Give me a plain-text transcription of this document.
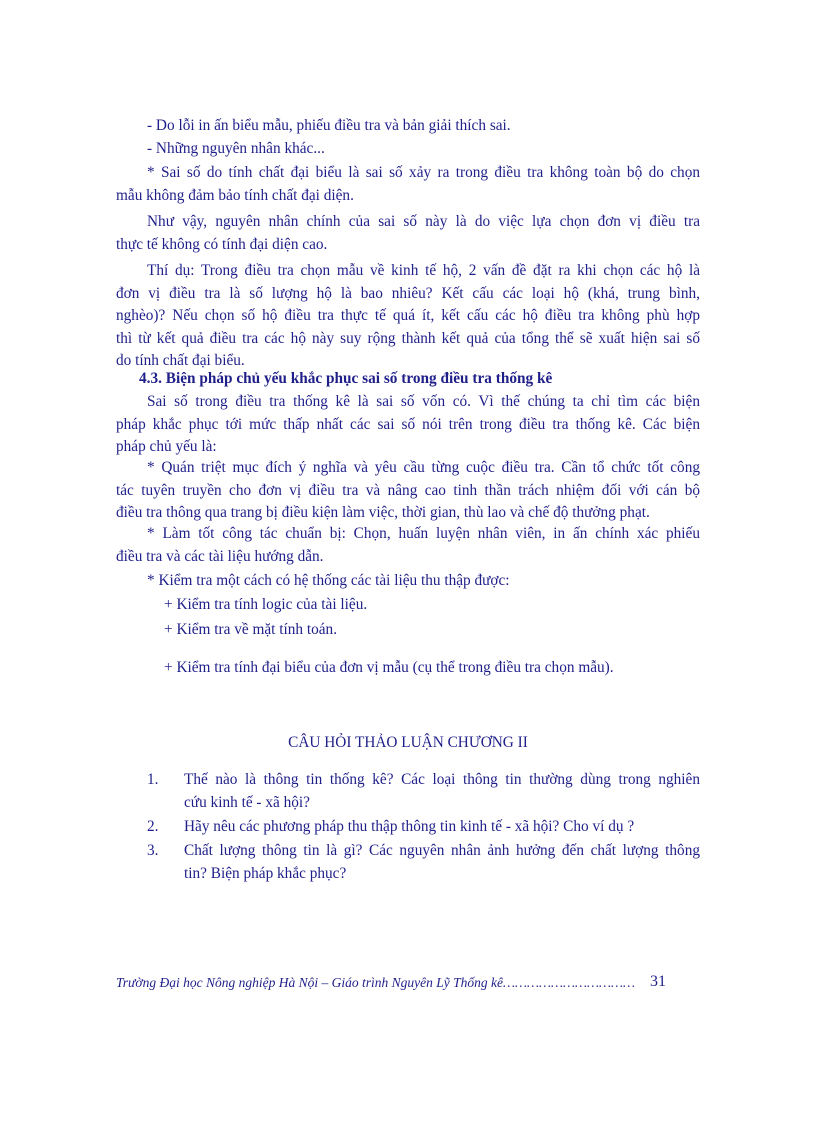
- Do lỗi in ấn biểu mẫu, phiếu điều tra và bản giải thích sai.
- Những nguyên nhân khác...
* Sai số do tính chất đại biểu là sai số xảy ra trong điều tra không toàn bộ do chọn
mẫu không đảm bảo tính chất đại diện.
Như vậy, nguyên nhân chính của sai số này là do việc lựa chọn đơn vị điều tra
thực tế không có tính đại diện cao.
Thí dụ: Trong điều tra chọn mẫu về kinh tế hộ, 2 vấn đề đặt ra khi chọn các hộ là
đơn vị điều tra là số lượng hộ là bao nhiêu? Kết cấu các loại hộ (khá, trung bình,
nghèo)? Nếu chọn số hộ điều tra thực tế quá ít, kết cấu các hộ điều tra không phù hợp
thì từ kết quả điều tra các hộ này suy rộng thành kết quả của tổng thể sẽ xuất hiện sai số
do tính chất đại biểu.
4.3. Biện pháp chủ yếu khắc phục sai số trong điều tra thống kê
Sai số trong điều tra thống kê là sai số vốn có. Vì thế chúng ta chỉ tìm các biện
pháp khắc phục tới mức thấp nhất các sai số nói trên trong điều tra thống kê. Các biện
pháp chủ yếu là:
* Quán triệt mục đích ý nghĩa và yêu cầu từng cuộc điều tra. Cần tổ chức tốt công
tác tuyên truyền cho đơn vị điều tra và nâng cao tinh thần trách nhiệm đối với cán bộ
điều tra thông qua trang bị điều kiện làm việc, thời gian, thù lao và chế độ thưởng phạt.
* Làm tốt công tác chuẩn bị: Chọn, huấn luyện nhân viên, in ấn chính xác phiếu
điều tra và các tài liệu hướng dẫn.
* Kiểm tra một cách có hệ thống các tài liệu thu thập được:
+ Kiểm tra tính logic của tài liệu.
+ Kiểm tra về mặt tính toán.
+ Kiểm tra tính đại biểu của đơn vị mẫu (cụ thể trong điều tra chọn mẫu).
CÂU HỎI THẢO LUẬN CHƯƠNG II
1. Thế nào là thông tin thống kê? Các loại thông tin thường dùng trong nghiên
cứu kinh tế - xã hội?
2. Hãy nêu các phương pháp thu thập thông tin kinh tế - xã hội? Cho ví dụ ?
3. Chất lượng thông tin là gì? Các nguyên nhân ảnh hưởng đến chất lượng thông
tin? Biện pháp khắc phục?
Trường Đại học Nông nghiệp Hà Nội – Giáo trình Nguyên Lỹ Thống kê…………………………… 31
